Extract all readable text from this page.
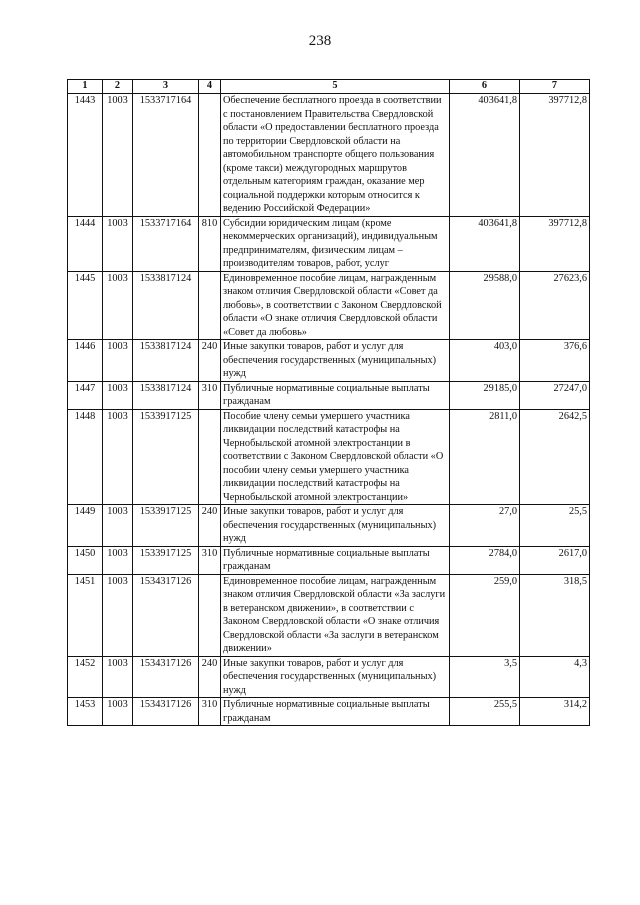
238
1	2	3	4	5	6	7
1443	1003	1533717164		Обеспечение бесплатного проезда в соответствии с постановлением Правительства Свердловской области «О предоставлении бесплатного проезда по территории Свердловской области на автомобильном транспорте общего пользования (кроме такси) междугородных маршрутов отдельным категориям граждан, оказание мер социальной поддержки которым относится к ведению Российской Федерации»	403641,8	397712,8
1444	1003	1533717164	810	Субсидии юридическим лицам (кроме некоммерческих организаций), индивидуальным предпринимателям, физическим лицам – производителям товаров, работ, услуг	403641,8	397712,8
1445	1003	1533817124		Единовременное пособие лицам, награжденным знаком отличия Свердловской области «Совет да любовь», в соответствии с Законом Свердловской области «О знаке отличия Свердловской области «Совет да любовь»	29588,0	27623,6
1446	1003	1533817124	240	Иные закупки товаров, работ и услуг для обеспечения государственных (муниципальных) нужд	403,0	376,6
1447	1003	1533817124	310	Публичные нормативные социальные выплаты гражданам	29185,0	27247,0
1448	1003	1533917125		Пособие члену семьи умершего участника ликвидации последствий катастрофы на Чернобыльской атомной электростанции в соответствии с Законом Свердловской области «О пособии члену семьи умершего участника ликвидации последствий катастрофы на Чернобыльской атомной электростанции»	2811,0	2642,5
1449	1003	1533917125	240	Иные закупки товаров, работ и услуг для обеспечения государственных (муниципальных) нужд	27,0	25,5
1450	1003	1533917125	310	Публичные нормативные социальные выплаты гражданам	2784,0	2617,0
1451	1003	1534317126		Единовременное пособие лицам, награжденным знаком отличия Свердловской области «За заслуги в ветеранском движении», в соответствии с Законом Свердловской области «О знаке отличия Свердловской области «За заслуги в ветеранском движении»	259,0	318,5
1452	1003	1534317126	240	Иные закупки товаров, работ и услуг для обеспечения государственных (муниципальных) нужд	3,5	4,3
1453	1003	1534317126	310	Публичные нормативные социальные выплаты гражданам	255,5	314,2
